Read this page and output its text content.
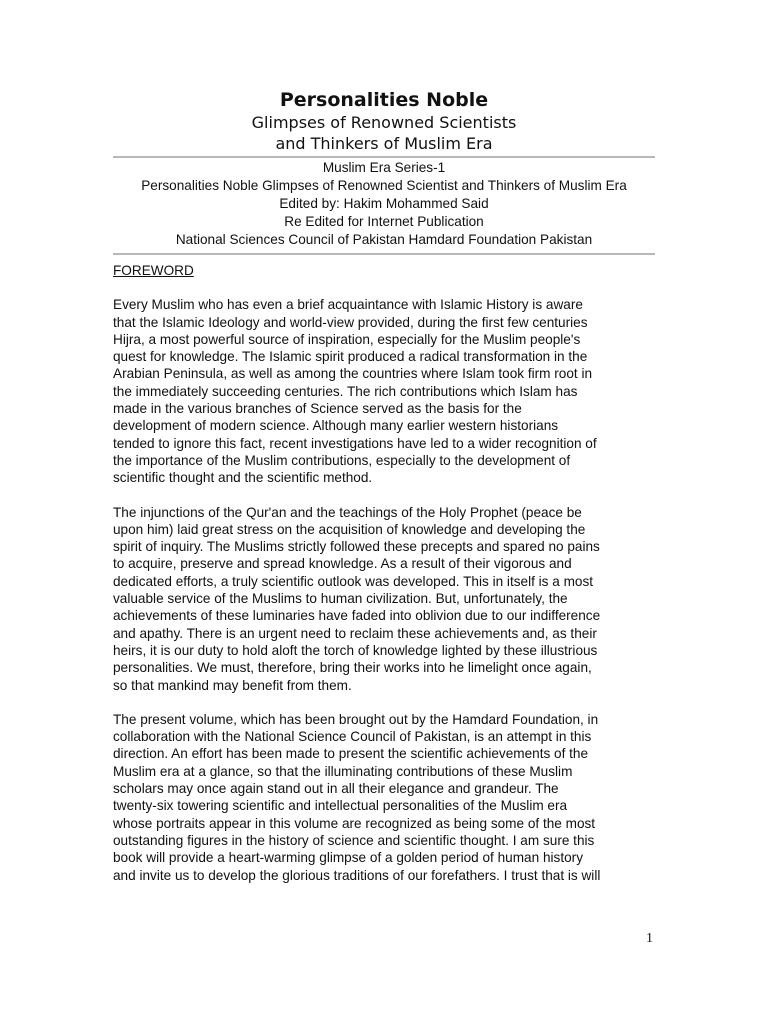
Personalities Noble
Glimpses of Renowned Scientists
and Thinkers of Muslim Era
Muslim Era Series-1
Personalities Noble Glimpses of Renowned Scientist and Thinkers of Muslim Era
Edited by: Hakim Mohammed Said
Re Edited for Internet Publication
National Sciences Council of Pakistan Hamdard Foundation Pakistan

FOREWORD

Every Muslim who has even a brief acquaintance with Islamic History is aware
that the Islamic Ideology and world-view provided, during the first few centuries
Hijra, a most powerful source of inspiration, especially for the Muslim people's
quest for knowledge. The Islamic spirit produced a radical transformation in the
Arabian Peninsula, as well as among the countries where Islam took firm root in
the immediately succeeding centuries. The rich contributions which Islam has
made in the various branches of Science served as the basis for the
development of modern science. Although many earlier western historians
tended to ignore this fact, recent investigations have led to a wider recognition of
the importance of the Muslim contributions, especially to the development of
scientific thought and the scientific method.

The injunctions of the Qur'an and the teachings of the Holy Prophet (peace be
upon him) laid great stress on the acquisition of knowledge and developing the
spirit of inquiry. The Muslims strictly followed these precepts and spared no pains
to acquire, preserve and spread knowledge. As a result of their vigorous and
dedicated efforts, a truly scientific outlook was developed. This in itself is a most
valuable service of the Muslims to human civilization. But, unfortunately, the
achievements of these luminaries have faded into oblivion due to our indifference
and apathy. There is an urgent need to reclaim these achievements and, as their
heirs, it is our duty to hold aloft the torch of knowledge lighted by these illustrious
personalities. We must, therefore, bring their works into he limelight once again,
so that mankind may benefit from them.

The present volume, which has been brought out by the Hamdard Foundation, in
collaboration with the National Science Council of Pakistan, is an attempt in this
direction. An effort has been made to present the scientific achievements of the
Muslim era at a glance, so that the illuminating contributions of these Muslim
scholars may once again stand out in all their elegance and grandeur. The
twenty-six towering scientific and intellectual personalities of the Muslim era
whose portraits appear in this volume are recognized as being some of the most
outstanding figures in the history of science and scientific thought. I am sure this
book will provide a heart-warming glimpse of a golden period of human history
and invite us to develop the glorious traditions of our forefathers. I trust that is will

1
